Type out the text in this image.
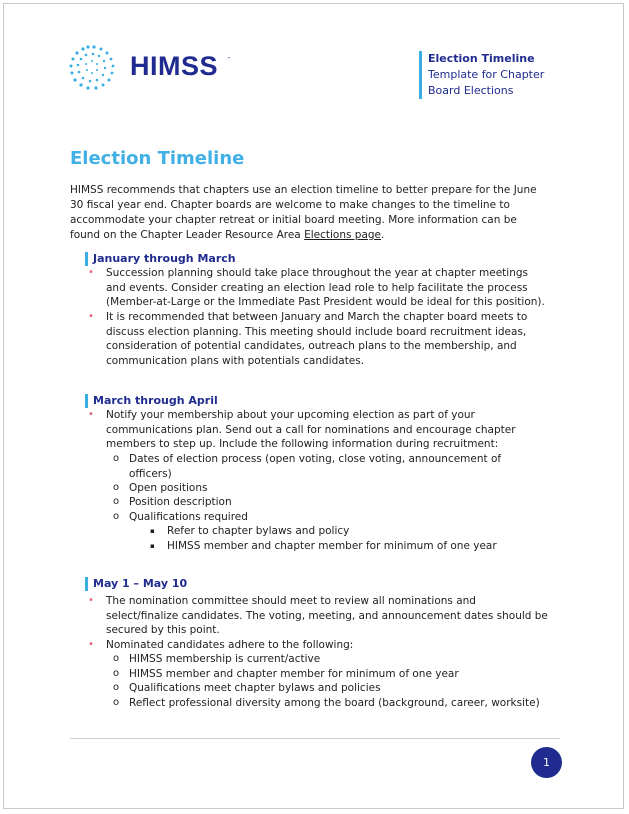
HIMSS ™	Election Timeline
Template for Chapter
Board Elections
Election Timeline
HIMSS recommends that chapters use an election timeline to better prepare for the June 30 fiscal year end. Chapter boards are welcome to make changes to the timeline to accommodate your chapter retreat or initial board meeting. More information can be found on the Chapter Leader Resource Area Elections page.
January through March
• Succession planning should take place throughout the year at chapter meetings and events. Consider creating an election lead role to help facilitate the process (Member-at-Large or the Immediate Past President would be ideal for this position).
• It is recommended that between January and March the chapter board meets to discuss election planning. This meeting should include board recruitment ideas, consideration of potential candidates, outreach plans to the membership, and communication plans with potentials candidates.
March through April
• Notify your membership about your upcoming election as part of your communications plan. Send out a call for nominations and encourage chapter members to step up. Include the following information during recruitment:
o Dates of election process (open voting, close voting, announcement of officers)
o Open positions
o Position description
o Qualifications required
▪ Refer to chapter bylaws and policy
▪ HIMSS member and chapter member for minimum of one year
May 1 – May 10
• The nomination committee should meet to review all nominations and select/finalize candidates. The voting, meeting, and announcement dates should be secured by this point.
• Nominated candidates adhere to the following:
o HIMSS membership is current/active
o HIMSS member and chapter member for minimum of one year
o Qualifications meet chapter bylaws and policies
o Reflect professional diversity among the board (background, career, worksite)
1
